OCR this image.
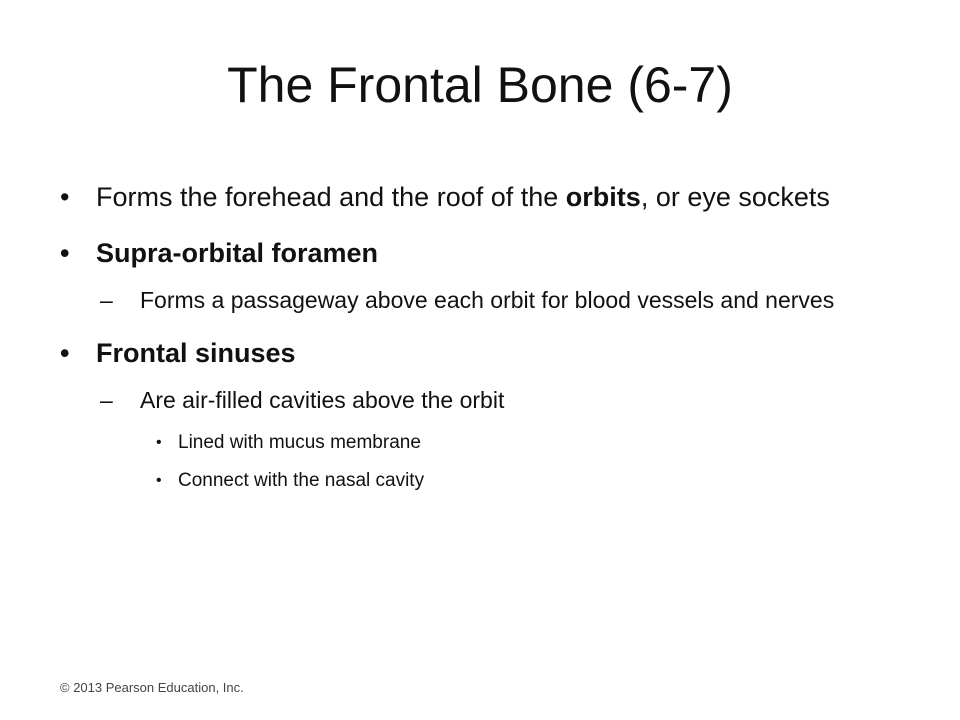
The Frontal Bone (6-7)
• Forms the forehead and the roof of the orbits, or eye sockets
• Supra-orbital foramen
– Forms a passageway above each orbit for blood vessels and nerves
• Frontal sinuses
– Are air-filled cavities above the orbit
• Lined with mucus membrane
• Connect with the nasal cavity
© 2013 Pearson Education, Inc.
